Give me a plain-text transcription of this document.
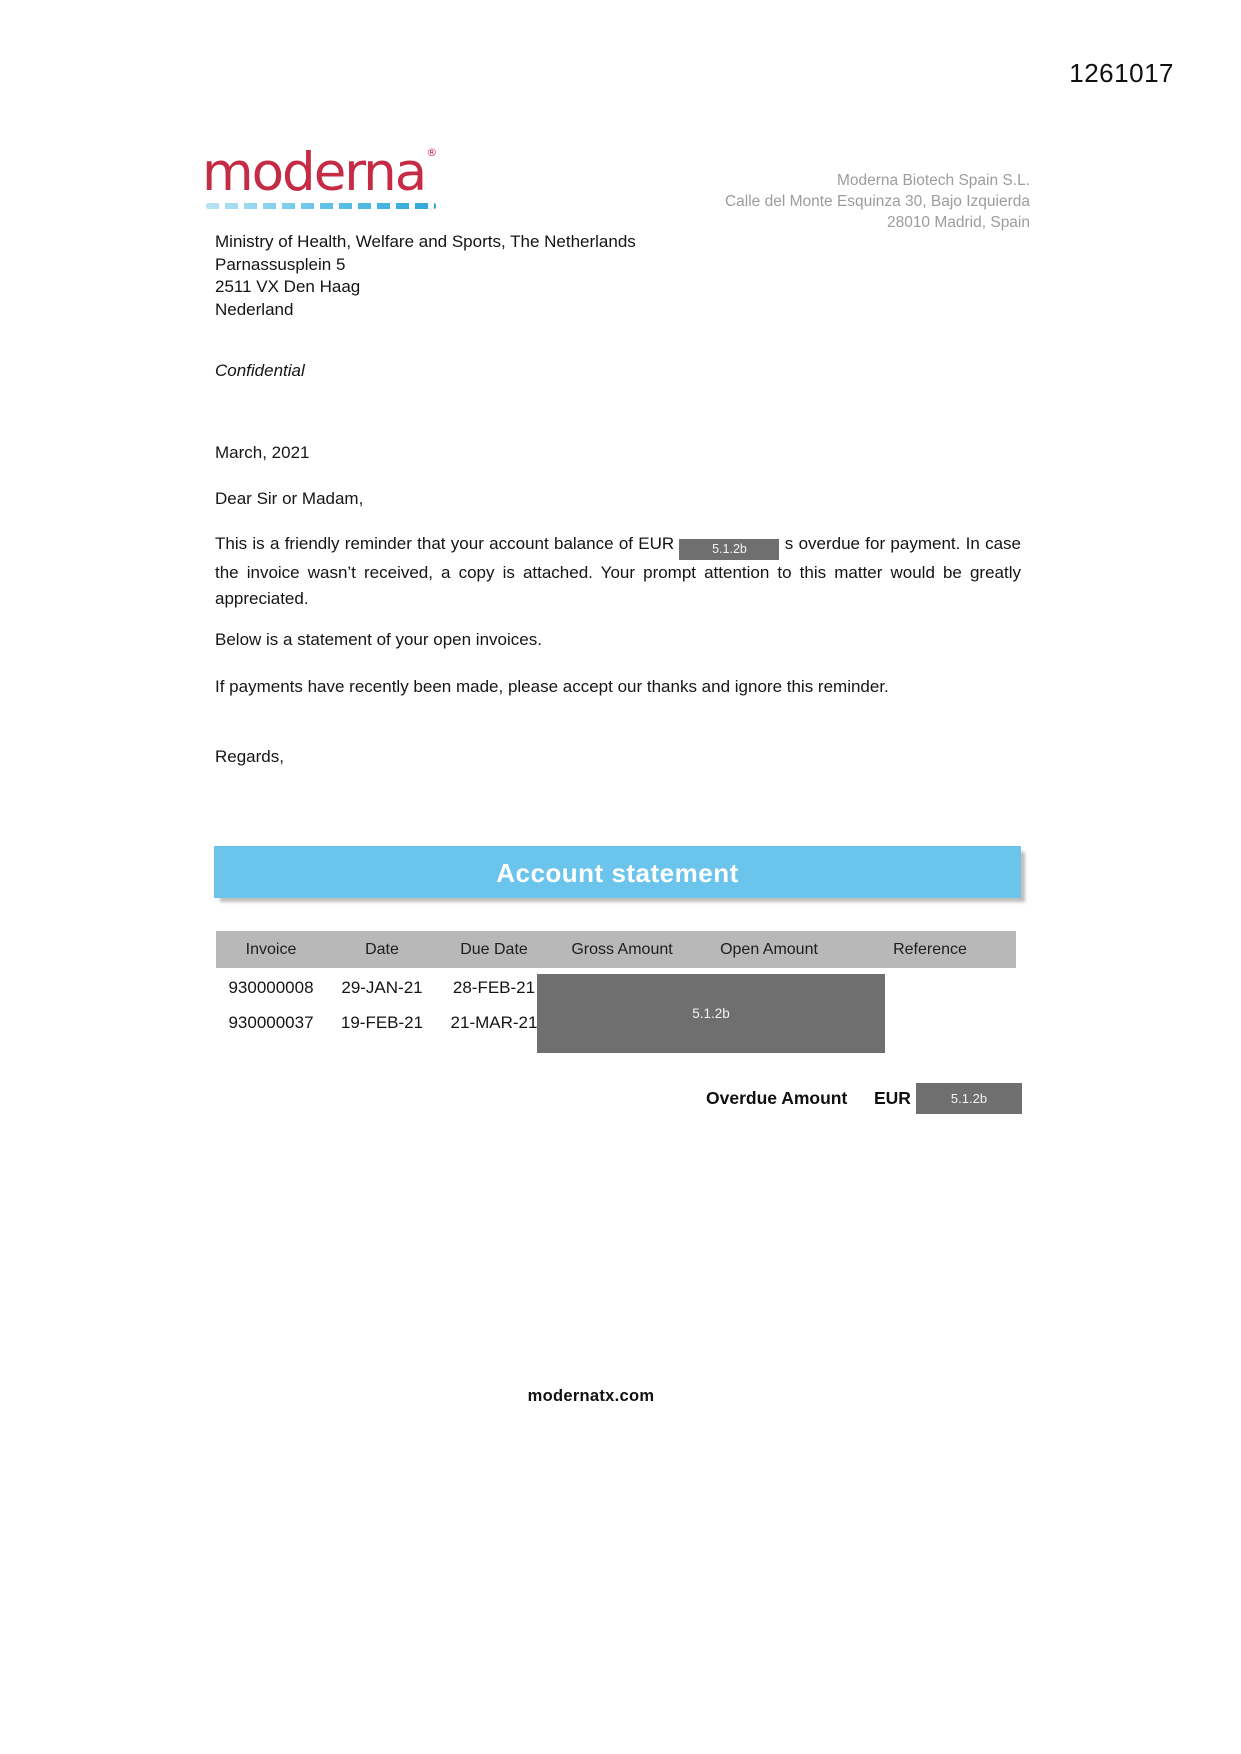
1261017
moderna®
Moderna Biotech Spain S.L.
Calle del Monte Esquinza 30, Bajo Izquierda
28010 Madrid, Spain
Ministry of Health, Welfare and Sports, The Netherlands
Parnassusplein 5
2511 VX Den Haag
Nederland
Confidential
March, 2021
Dear Sir or Madam,
This is a friendly reminder that your account balance of EUR	5.1.2b s overdue for payment. In case the invoice wasn’t received, a copy is attached. Your prompt attention to this matter would be greatly appreciated.
Below is a statement of your open invoices.
If payments have recently been made, please accept our thanks and ignore this reminder.
Regards,
Account statement
Invoice	Date	Due Date	Gross Amount	Open Amount	Reference
930000008	29-JAN-21	28-FEB-21
930000037	19-FEB-21	21-MAR-21	5.1.2b
Overdue Amount EUR	5.1.2b
modernatx.com
